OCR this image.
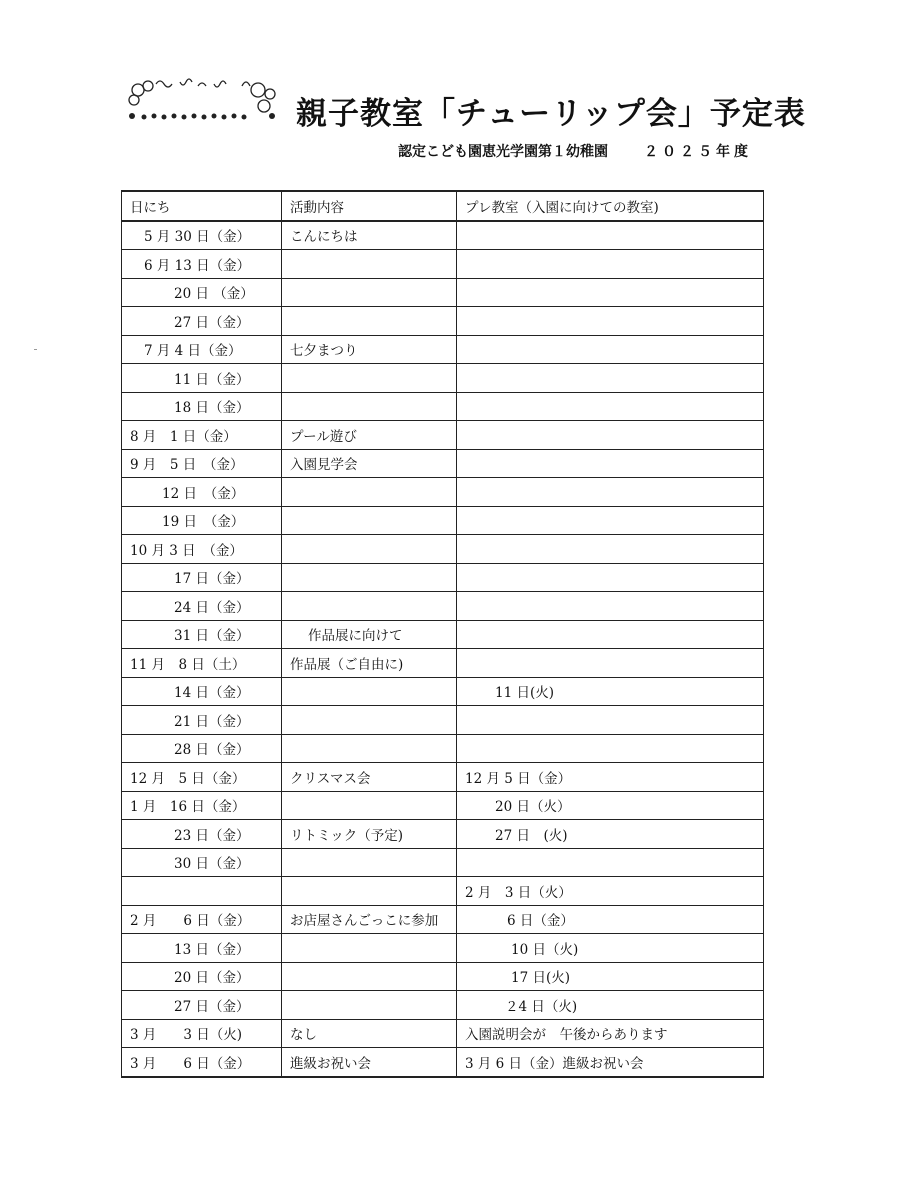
親子教室「チューリップ会」予定表
認定こども園恵光学園第１幼稚園	２０２５年度
日にち	活動内容	プレ教室（入園に向けての教室)
5 月 30 日（金）	こんにちは	
6 月 13 日（金）		
20 日 （金）		
27 日（金）		
7 月 4 日（金）	七夕まつり	
11 日（金）		
18 日（金）		
8 月　1 日（金）	プール遊び	
9 月　5 日　（金）	入園見学会	
12 日　（金）		
19 日　（金）		
10 月 3 日　（金）		
17 日（金）		
24 日（金）		
31 日（金）	作品展に向けて	
11 月　8 日（土）	作品展（ご自由に)	
14 日（金）		11 日(火)
21 日（金）		
28 日（金）		
12 月　5 日（金）	クリスマス会	12 月 5 日（金）
1 月　16 日（金）		20 日（火）
23 日（金）	リトミック（予定)	27 日　(火)
30 日（金）		
		2 月　3 日（火）
2 月　　6 日（金）	お店屋さんごっこに参加	6 日（金）
13 日（金）		10 日（火)
20 日（金）		17 日(火)
27 日（金）		２4 日（火)
3 月　　3 日（火)	なし	入園説明会が　午後からあります
3 月　　6 日（金）	進級お祝い会	3 月 6 日（金）進級お祝い会
